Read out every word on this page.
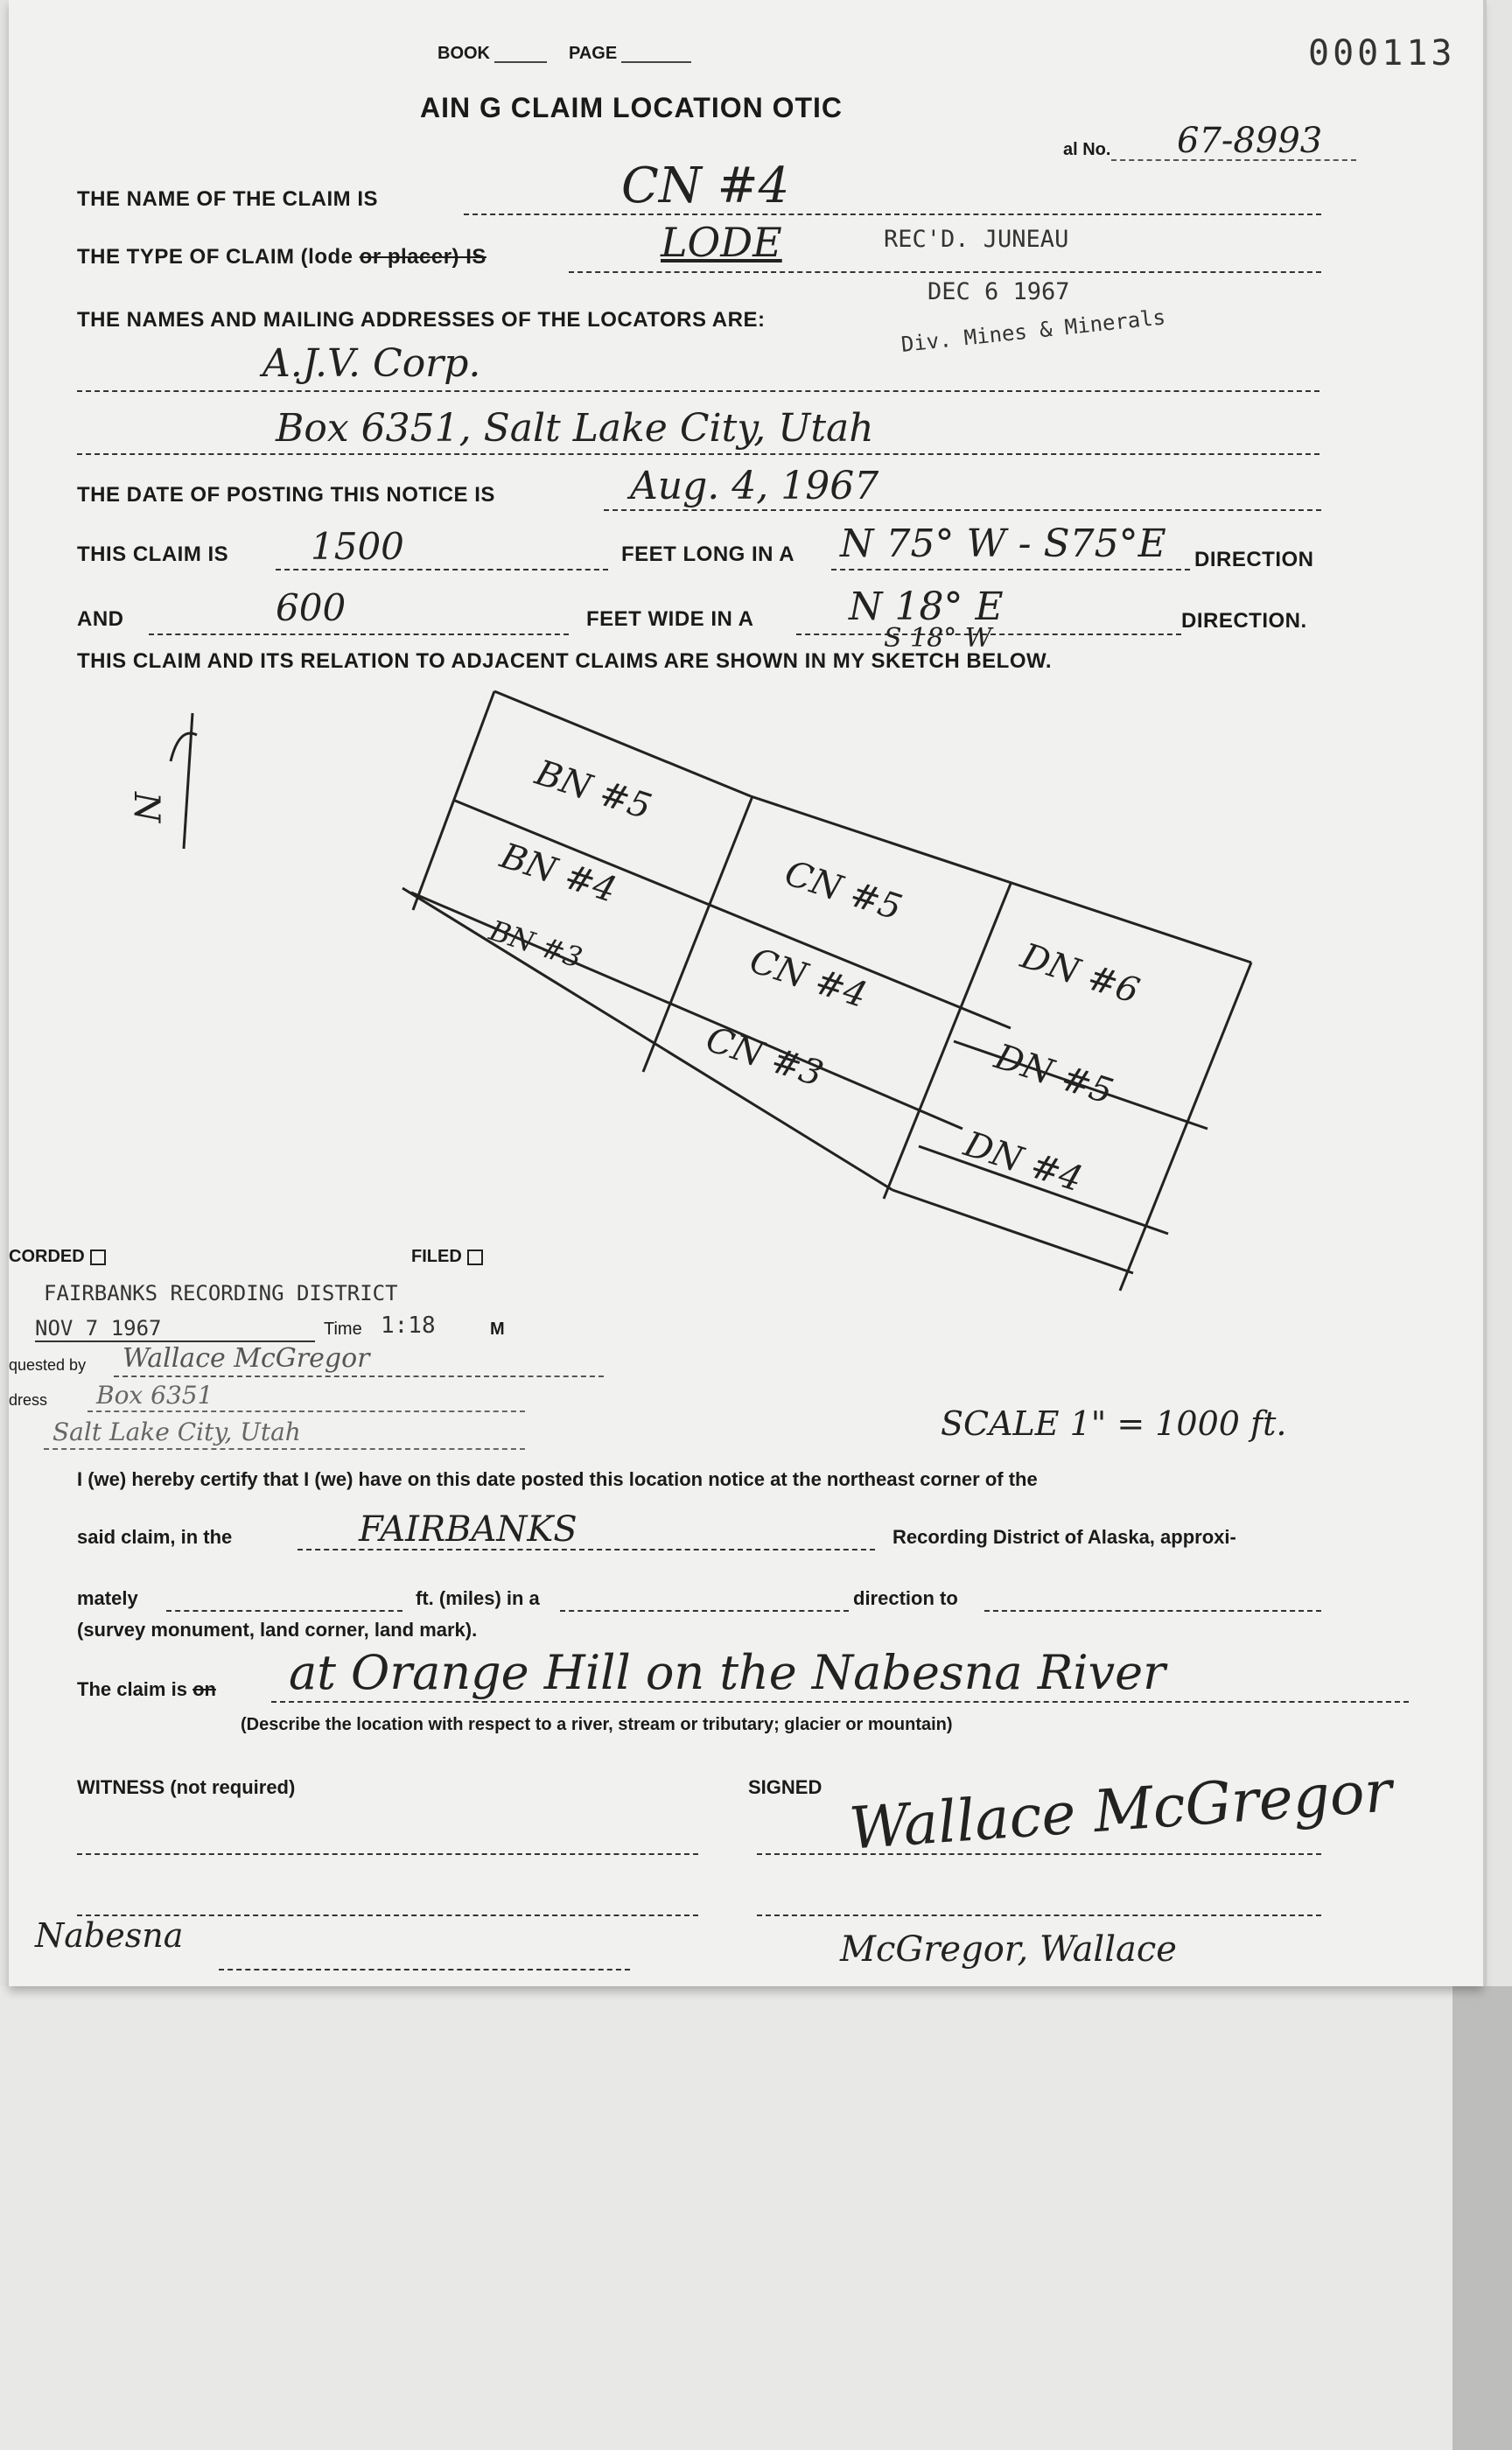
000113
BOOK	PAGE
AIN G CLAIM LOCATION OTIC
al No. 67-8993
REC'D. JUNEAU
DEC 6 1967
Div. Mines & Minerals
THE NAME OF THE CLAIM IS	CN #4
THE TYPE OF CLAIM (lode or placer) IS	LODE
THE NAMES AND MAILING ADDRESSES OF THE LOCATORS ARE:
A.J.V. Corp.
Box 6351, Salt Lake City, Utah
THE DATE OF POSTING THIS NOTICE IS	Aug. 4, 1967
THIS CLAIM IS 1500	FEET LONG IN A N 75° W - S75°E DIRECTION
AND	600	FEET WIDE IN A N 18° E
S 18° W
DIRECTION.
THIS CLAIM AND ITS RELATION TO ADJACENT CLAIMS ARE SHOWN IN MY SKETCH BELOW.
N	BN #5
BN #4
BN #3
CN #5
CN #4
CN #3
DN #6
DN #5
DN #4
SCALE 1" = 1000 ft.
CORDED	FILED
FAIRBANKS RECORDING DISTRICT
NOV 7 1967	Time 1:18	M
quested by Wallace McGregor
dress Box 6351
Salt Lake City, Utah
I (we) hereby certify that I (we) have on this date posted this location notice at the northeast corner of the
said claim, in the	FAIRBANKS	Recording District of Alaska, approxi-
mately	ft. (miles) in a	direction to
(survey monument, land corner, land mark).
The claim is on at Orange Hill on the Nabesna River
(Describe the location with respect to a river, stream or tributary; glacier or mountain)
WITNESS (not required)	SIGNED Wallace McGregor
Nabesna	McGregor, Wallace
